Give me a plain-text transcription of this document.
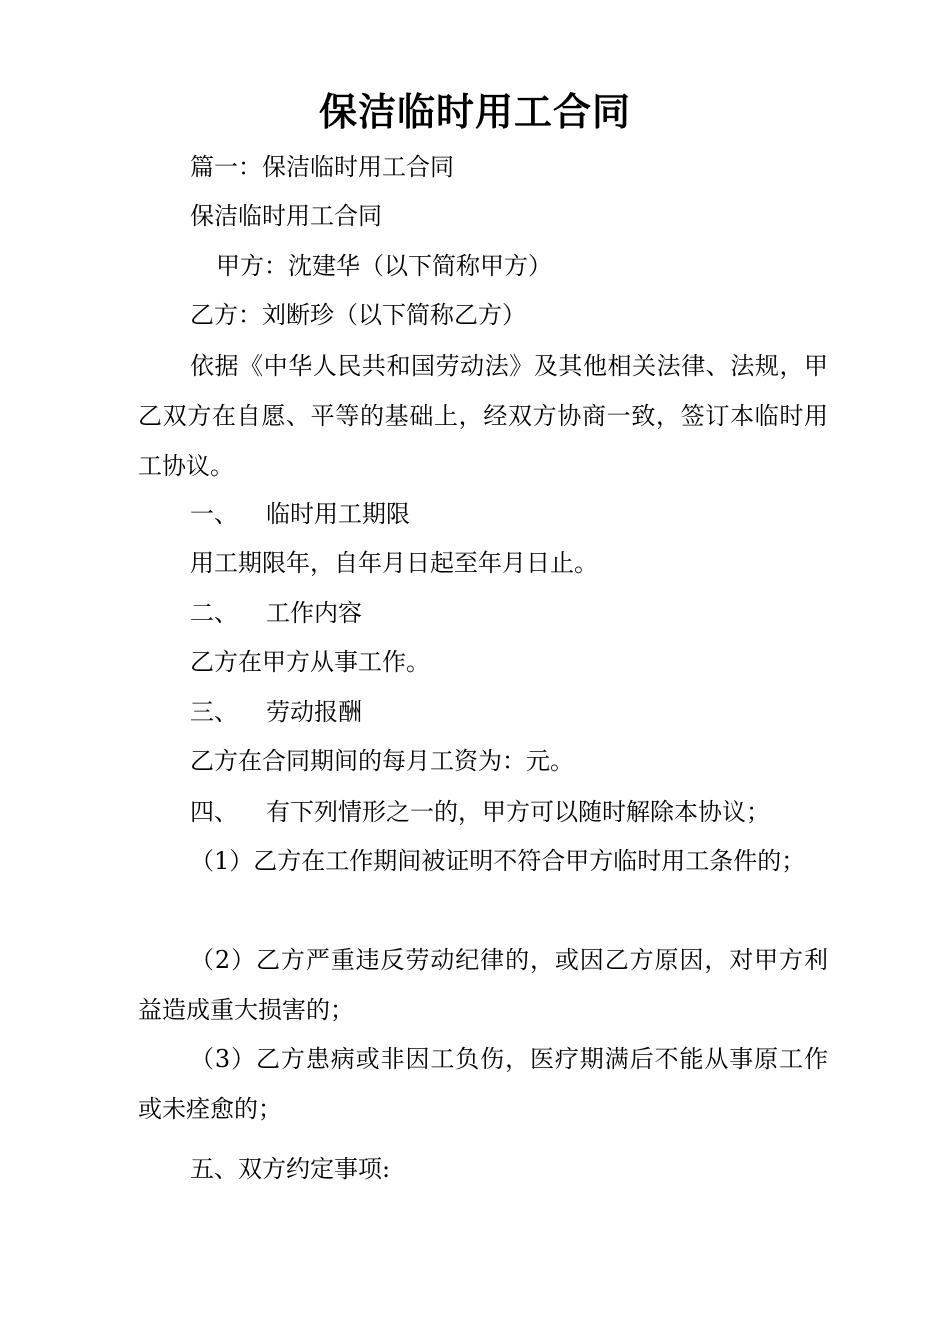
保洁临时用工合同
篇一：保洁临时用工合同
保洁临时用工合同
甲方：沈建华（以下简称甲方）
乙方：刘断珍（以下简称乙方）
依据《中华人民共和国劳动法》及其他相关法律、法规，甲乙双方在自愿、平等的基础上，经双方协商一致，签订本临时用工协议。
一、 临时用工期限
用工期限年，自年月日起至年月日止。
二、 工作内容
乙方在甲方从事工作。
三、 劳动报酬
乙方在合同期间的每月工资为：元。
四、 有下列情形之一的，甲方可以随时解除本协议；
（1）乙方在工作期间被证明不符合甲方临时用工条件的；
（2）乙方严重违反劳动纪律的，或因乙方原因，对甲方利益造成重大损害的；
（3）乙方患病或非因工负伤，医疗期满后不能从事原工作或未痊愈的；
五、双方约定事项:
